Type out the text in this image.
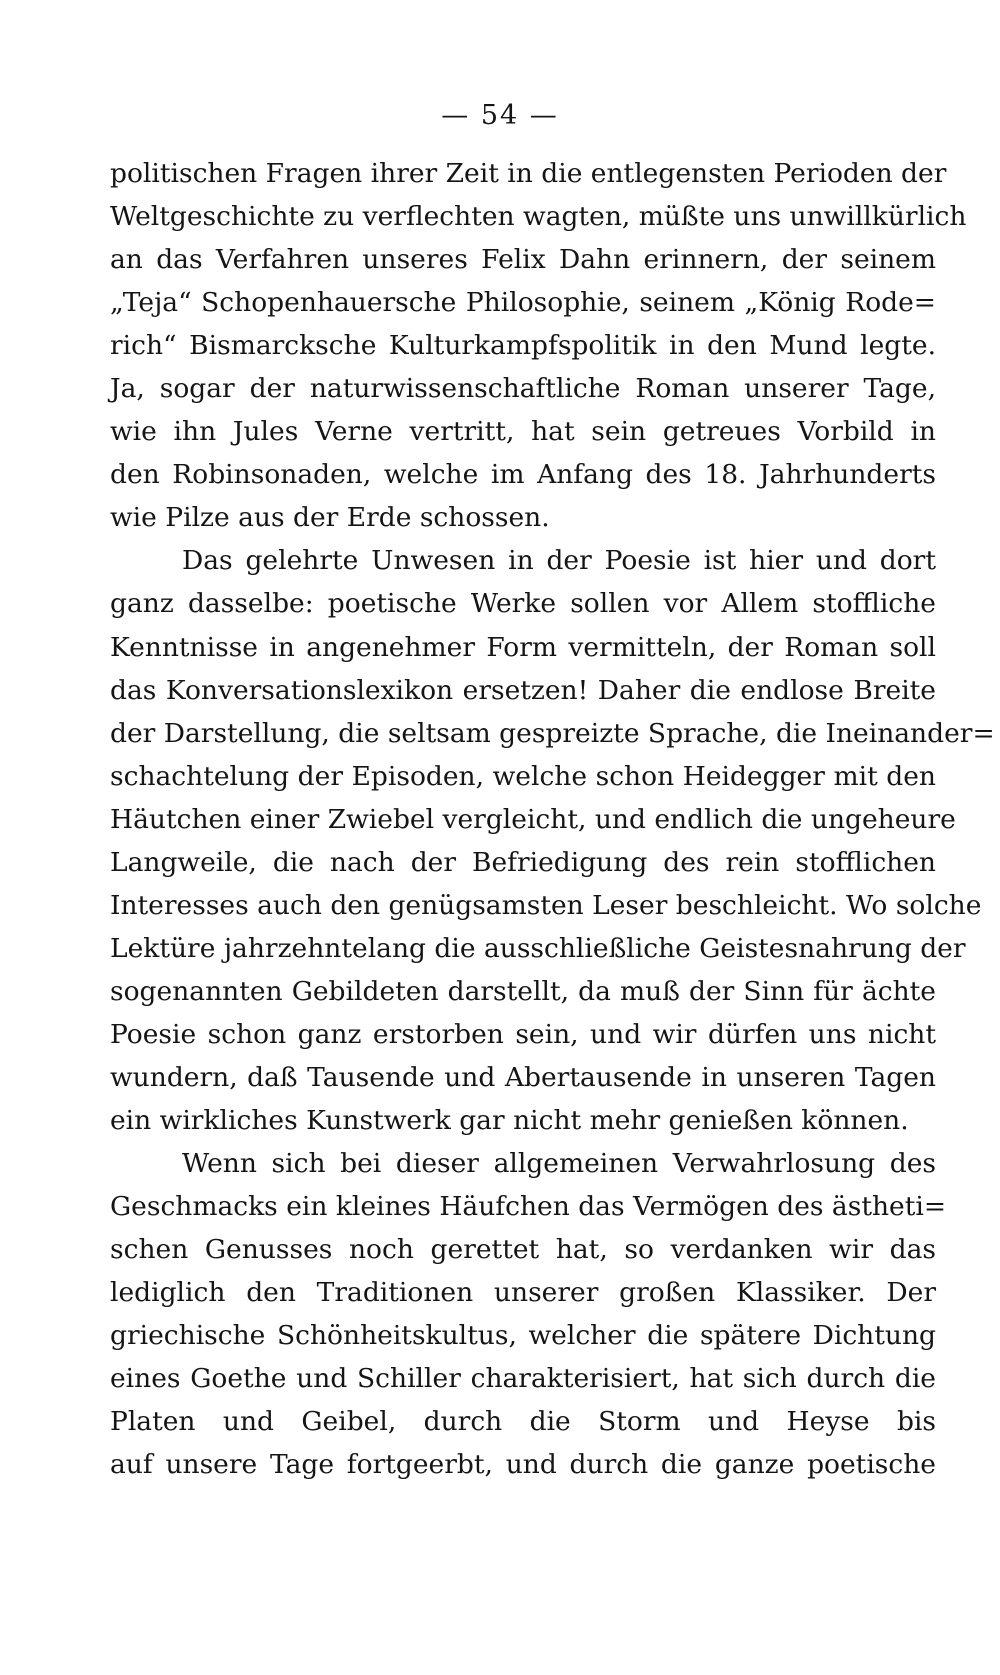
— 54 —
politischen Fragen ihrer Zeit in die entlegensten Perioden der
Weltgeschichte zu verflechten wagten, müßte uns unwillkürlich
an das Verfahren unseres Felix Dahn erinnern, der seinem
„Teja“ Schopenhauersche Philosophie, seinem „König Rode=
rich“ Bismarcksche Kulturkampfspolitik in den Mund legte.
Ja, sogar der naturwissenschaftliche Roman unserer Tage,
wie ihn Jules Verne vertritt, hat sein getreues Vorbild in
den Robinsonaden, welche im Anfang des 18. Jahrhunderts
wie Pilze aus der Erde schossen.
Das gelehrte Unwesen in der Poesie ist hier und dort
ganz dasselbe: poetische Werke sollen vor Allem stoffliche
Kenntnisse in angenehmer Form vermitteln, der Roman soll
das Konversationslexikon ersetzen! Daher die endlose Breite
der Darstellung, die seltsam gespreizte Sprache, die Ineinander=
schachtelung der Episoden, welche schon Heidegger mit den
Häutchen einer Zwiebel vergleicht, und endlich die ungeheure
Langweile, die nach der Befriedigung des rein stofflichen
Interesses auch den genügsamsten Leser beschleicht. Wo solche
Lektüre jahrzehntelang die ausschließliche Geistesnahrung der
sogenannten Gebildeten darstellt, da muß der Sinn für ächte
Poesie schon ganz erstorben sein, und wir dürfen uns nicht
wundern, daß Tausende und Abertausende in unseren Tagen
ein wirkliches Kunstwerk gar nicht mehr genießen können.
Wenn sich bei dieser allgemeinen Verwahrlosung des
Geschmacks ein kleines Häufchen das Vermögen des ästheti=
schen Genusses noch gerettet hat, so verdanken wir das
lediglich den Traditionen unserer großen Klassiker. Der
griechische Schönheitskultus, welcher die spätere Dichtung
eines Goethe und Schiller charakterisiert, hat sich durch die
Platen und Geibel, durch die Storm und Heyse bis
auf unsere Tage fortgeerbt, und durch die ganze poetische
